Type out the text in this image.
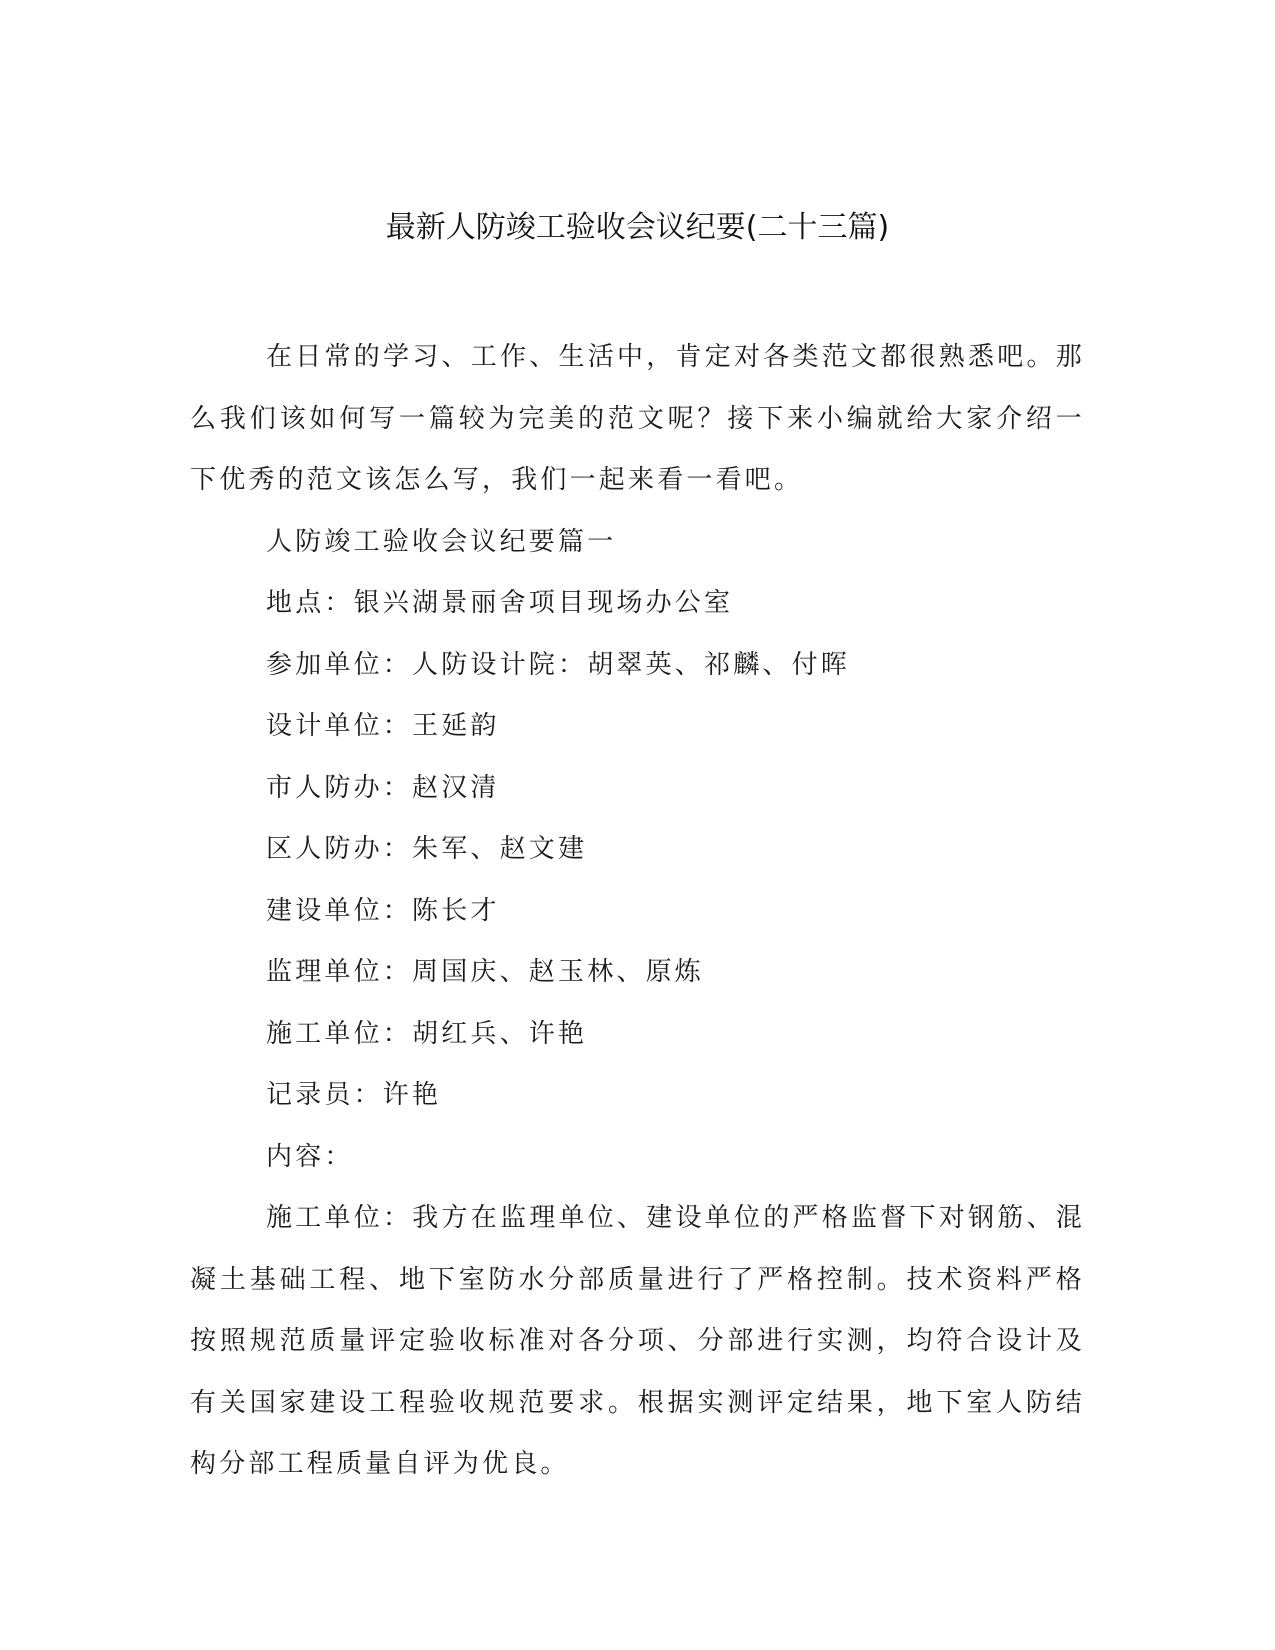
最新人防竣工验收会议纪要(二十三篇)

在日常的学习、工作、生活中，肯定对各类范文都很熟悉吧。那么我们该如何写一篇较为完美的范文呢？接下来小编就给大家介绍一下优秀的范文该怎么写，我们一起来看一看吧。

人防竣工验收会议纪要篇一

地点：银兴湖景丽舍项目现场办公室

参加单位：人防设计院：胡翠英、祁麟、付晖

设计单位：王延韵

市人防办：赵汉清

区人防办：朱军、赵文建

建设单位：陈长才

监理单位：周国庆、赵玉林、原炼

施工单位：胡红兵、许艳

记录员：许艳

内容：

施工单位：我方在监理单位、建设单位的严格监督下对钢筋、混凝土基础工程、地下室防水分部质量进行了严格控制。技术资料严格按照规范质量评定验收标准对各分项、分部进行实测，均符合设计及有关国家建设工程验收规范要求。根据实测评定结果，地下室人防结构分部工程质量自评为优良。
